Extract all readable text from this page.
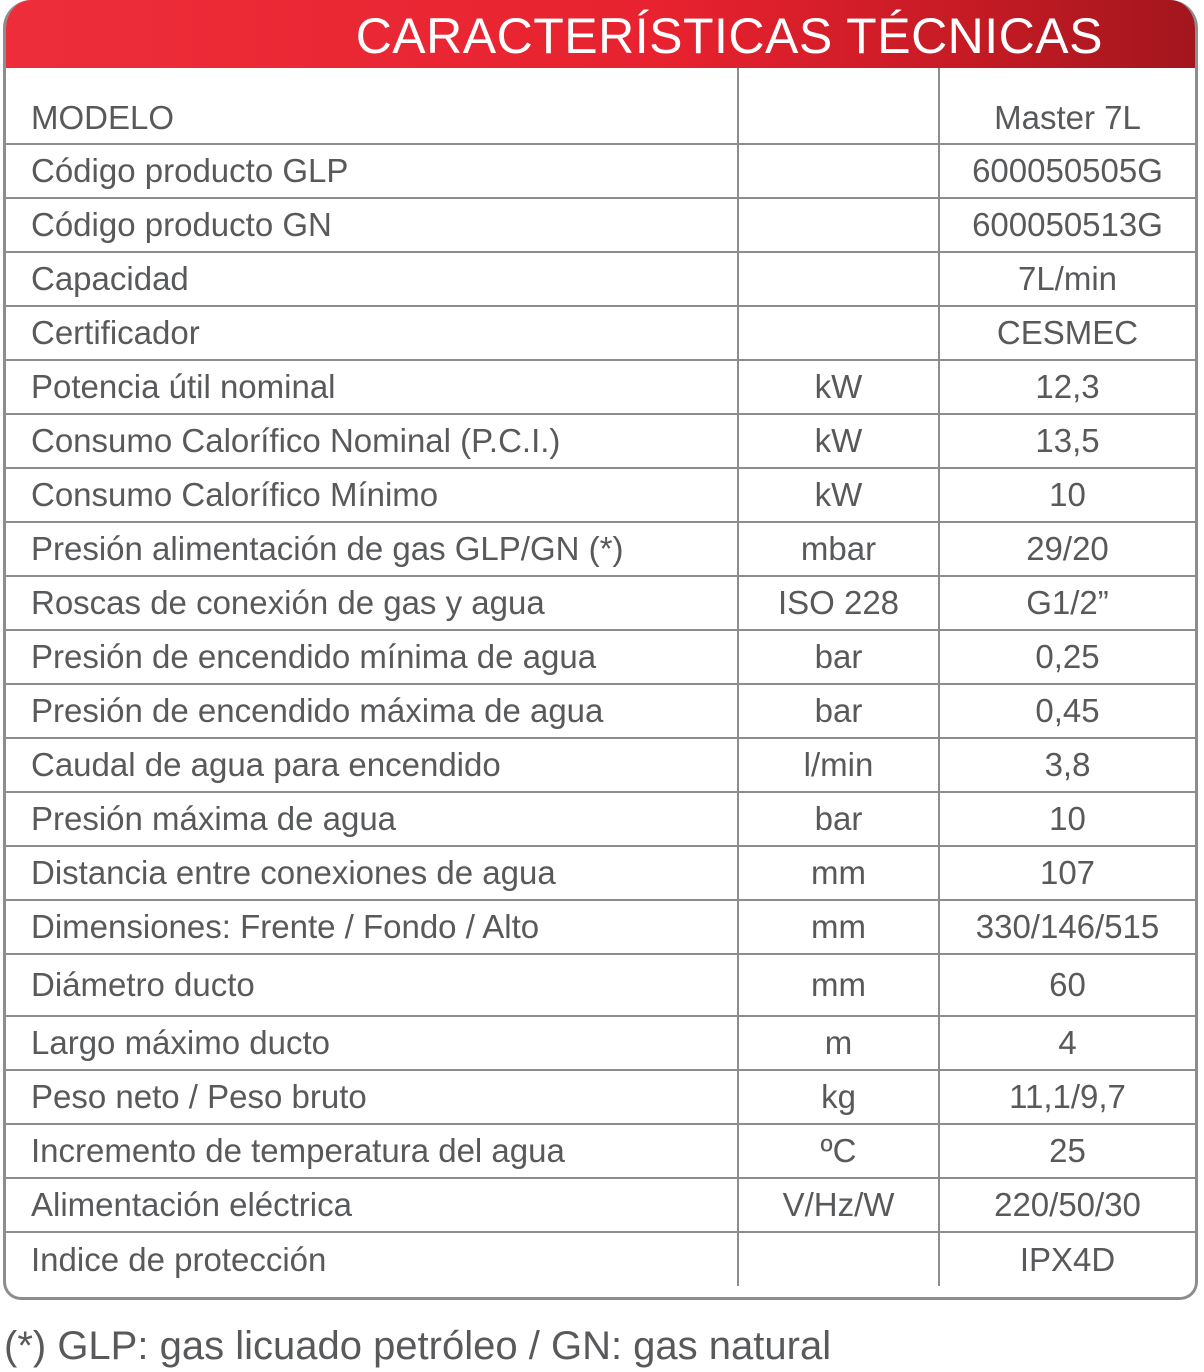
CARACTERÍSTICAS TÉCNICAS
MODELO		Master 7L
Código producto GLP		600050505G
Código producto GN		600050513G
Capacidad		7L/min
Certificador		CESMEC
Potencia útil nominal	kW	12,3
Consumo Calorífico Nominal (P.C.I.)	kW	13,5
Consumo Calorífico Mínimo	kW	10
Presión alimentación de gas GLP/GN (*)	mbar	29/20
Roscas de conexión de gas y agua	ISO 228	G1/2”
Presión de encendido mínima de agua	bar	0,25
Presión de encendido máxima de agua	bar	0,45
Caudal de agua para encendido	l/min	3,8
Presión máxima de agua	bar	10
Distancia entre conexiones de agua	mm	107
Dimensiones: Frente / Fondo / Alto	mm	330/146/515
Diámetro ducto	mm	60
Largo máximo ducto	m	4
Peso neto / Peso bruto	kg	11,1/9,7
Incremento de temperatura del agua	ºC	25
Alimentación eléctrica	V/Hz/W	220/50/30
Indice de protección		IPX4D
(*) GLP: gas licuado petróleo / GN: gas natural
